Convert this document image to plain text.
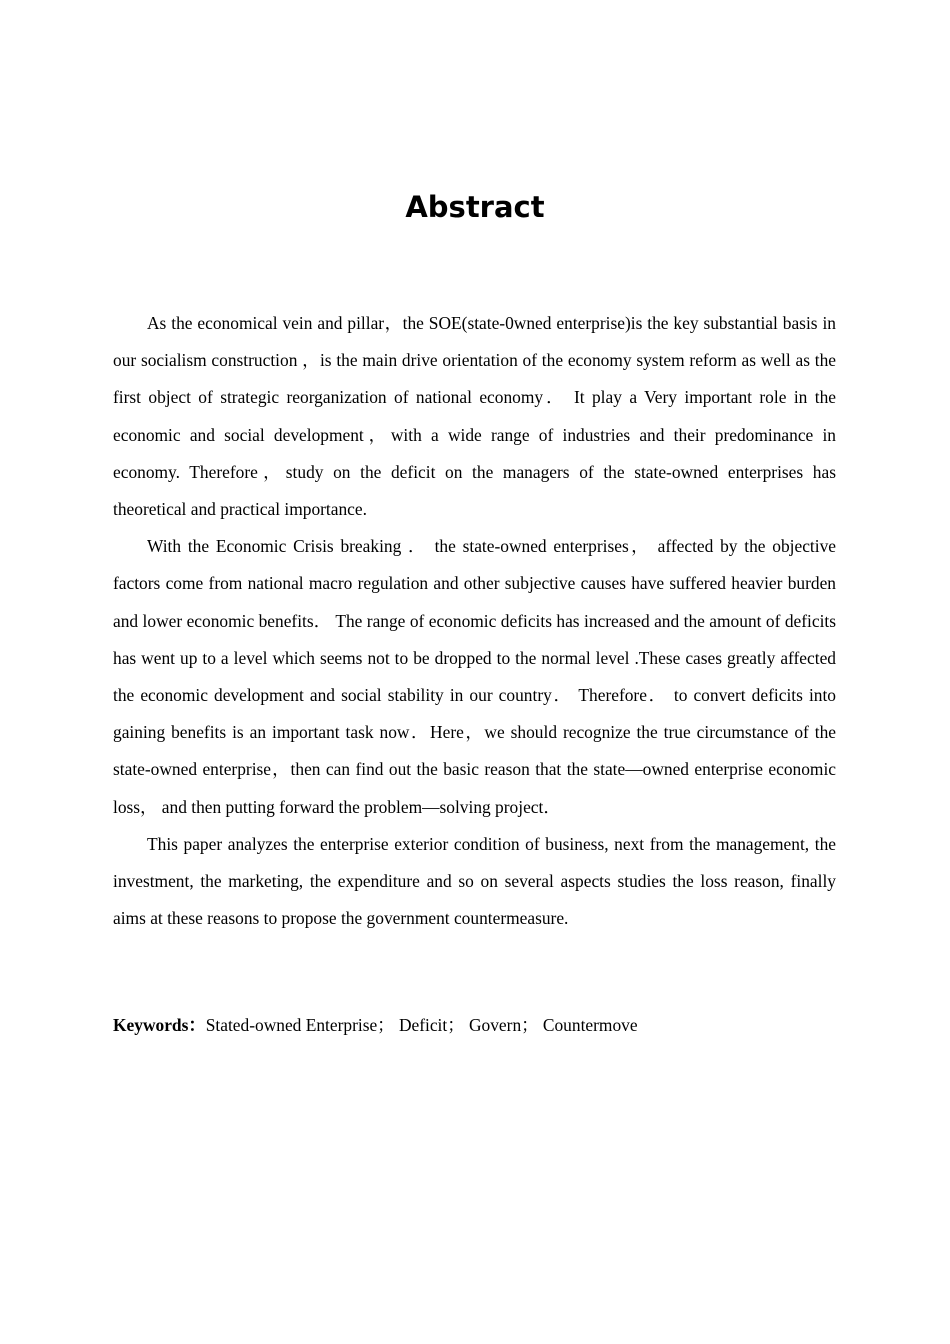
Abstract

As the economical vein and pillar，the SOE(state-0wned enterprise)is the key substantial basis in our socialism construction ，is the main drive orientation of the economy system reform as well as the first object of strategic reorganization of national economy． It play a Very important role in the economic and social development，with a wide range of industries and their predominance in economy. Therefore，study on the deficit on the managers of the state-owned enterprises has theoretical and practical importance.

With the Economic Crisis breaking ． the state-owned enterprises， affected by the objective factors come from national macro regulation and other subjective causes have suffered heavier burden and lower economic benefits． The range of economic deficits has increased and the amount of deficits has went up to a level which seems not to be dropped to the normal level .These cases greatly affected the economic development and social stability in our country． Therefore． to convert deficits into gaining benefits is an important task now．Here，we should recognize the true circumstance of the state-owned enterprise，then can find out the basic reason that the state—owned enterprise economic loss， and then putting forward the problem—solving project．

This paper analyzes the enterprise exterior condition of business, next from the management, the investment, the marketing, the expenditure and so on several aspects studies the loss reason, finally aims at these reasons to propose the government countermeasure.

Keywords：Stated-owned Enterprise； Deficit； Govern； Countermove
